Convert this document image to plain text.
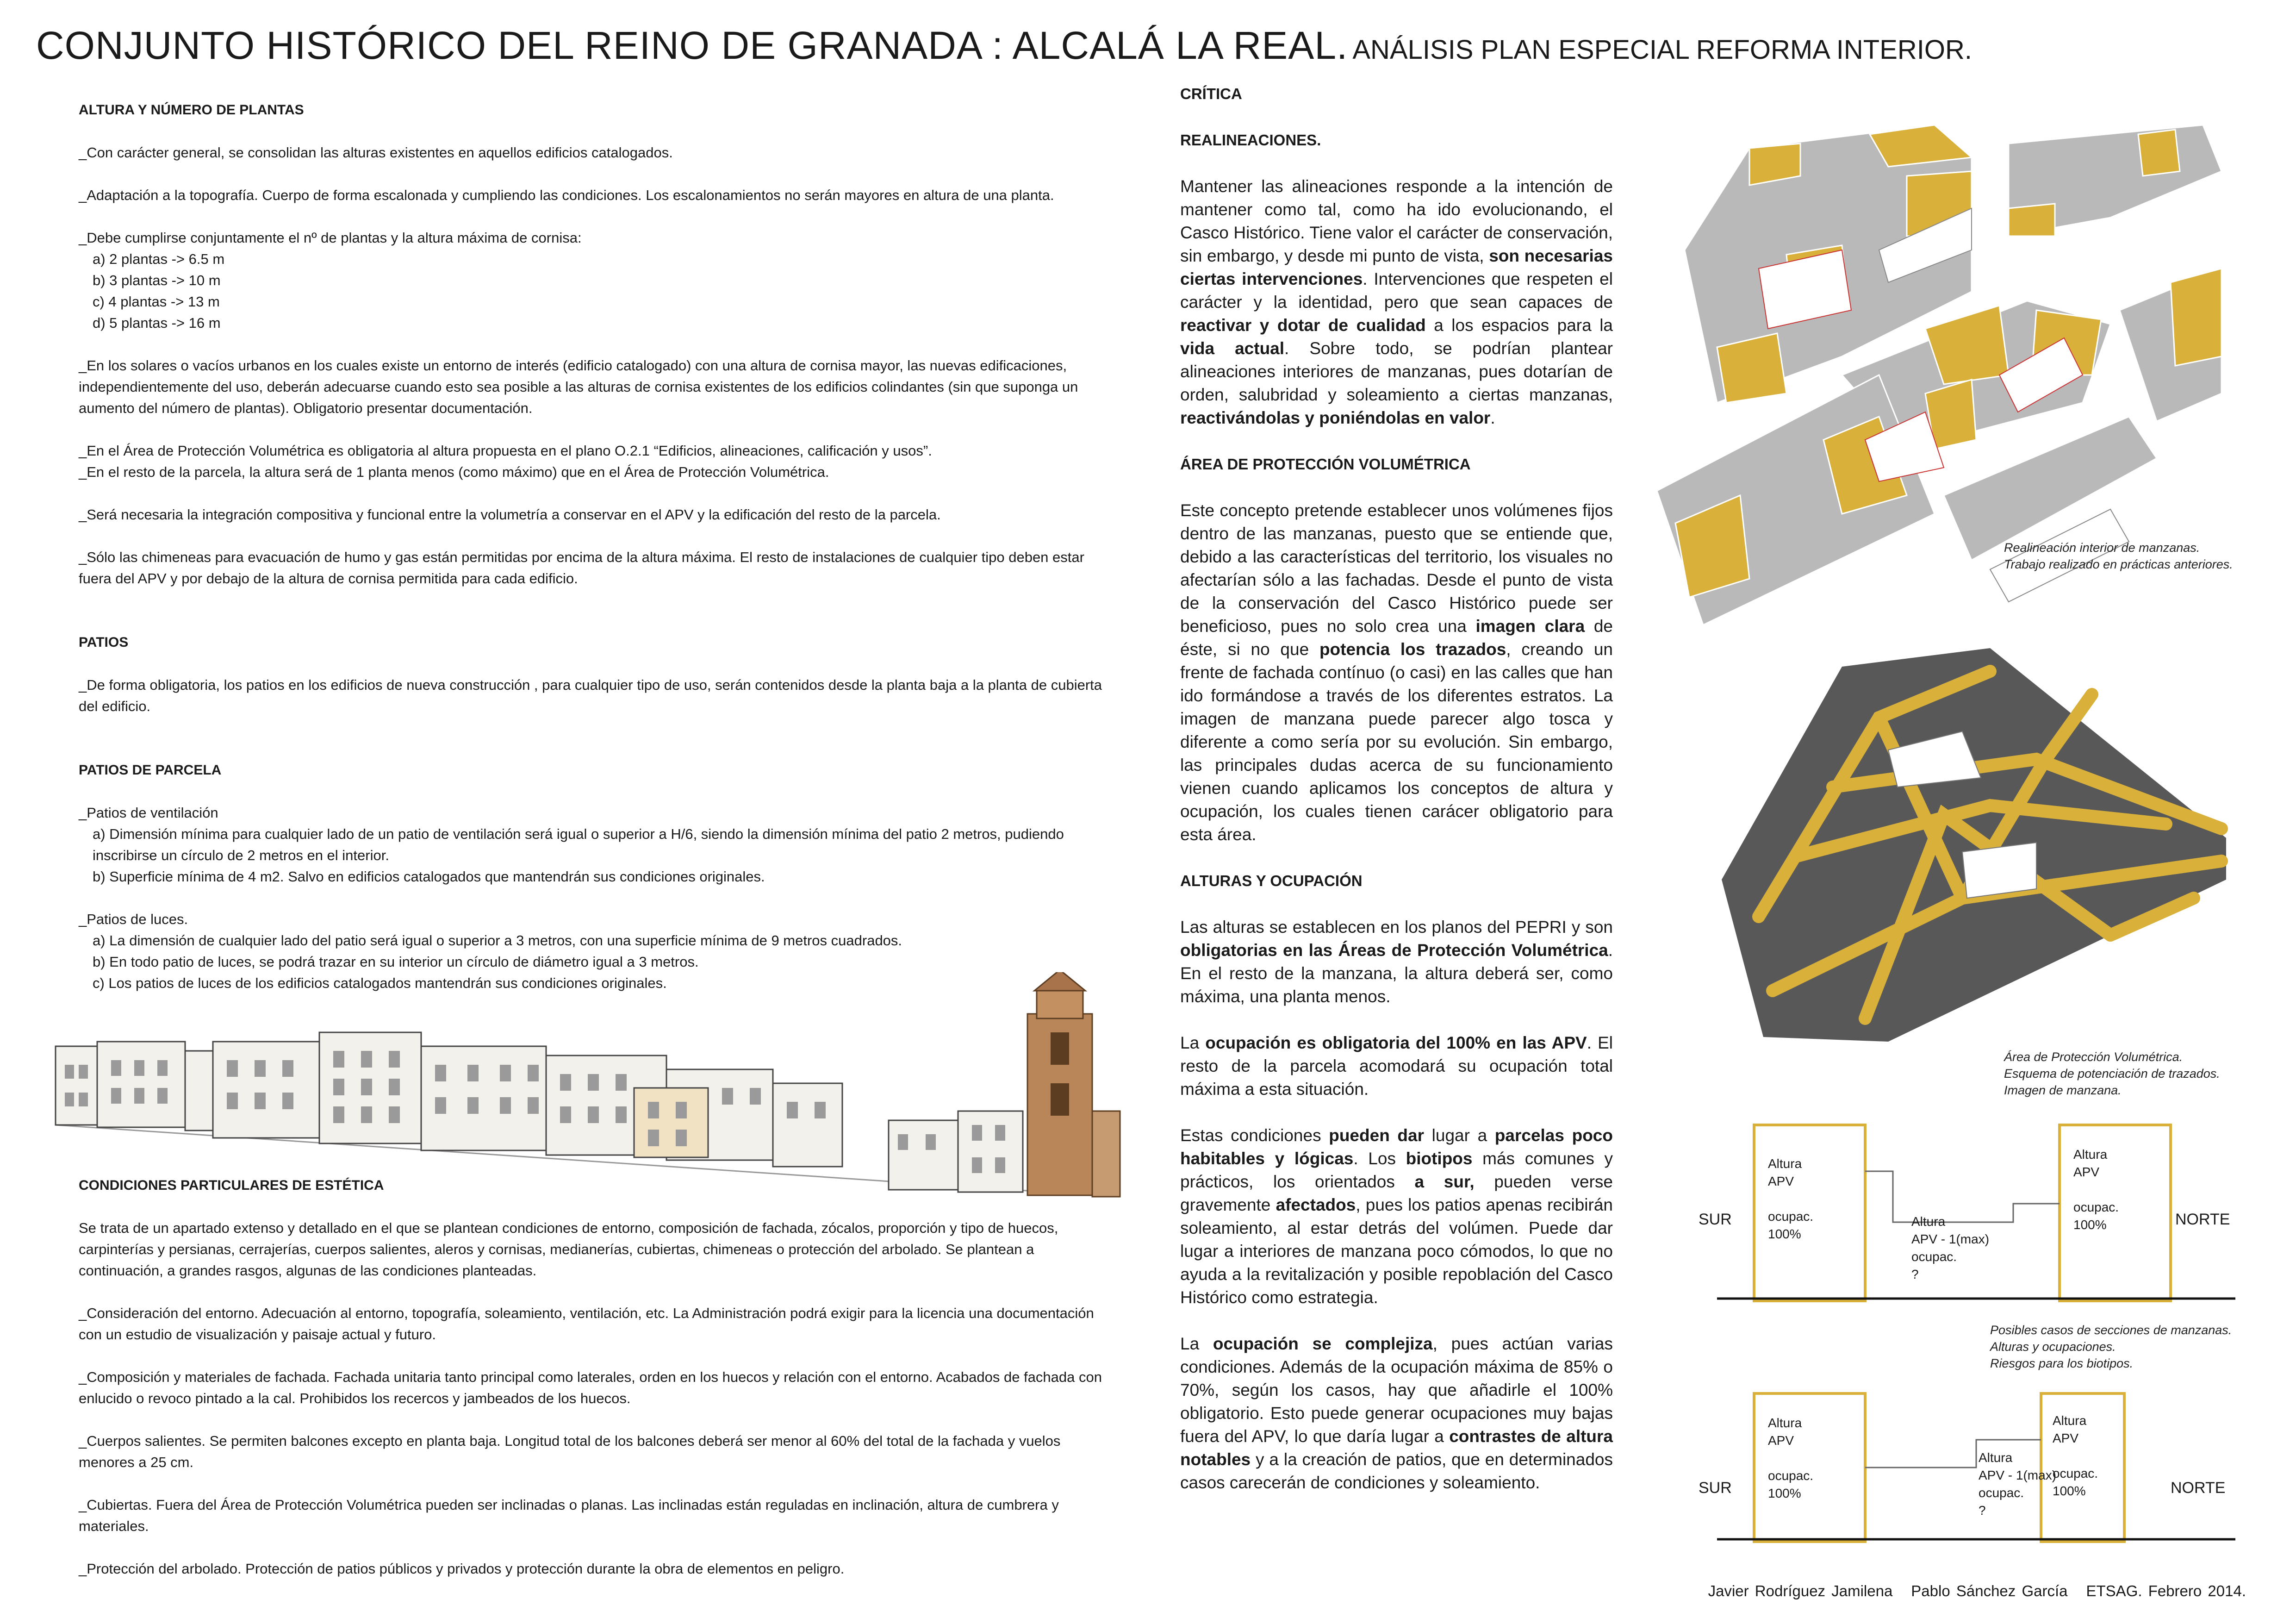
CONJUNTO HISTÓRICO DEL REINO DE GRANADA : ALCALÁ LA REAL. ANÁLISIS PLAN ESPECIAL REFORMA INTERIOR.

ALTURA Y NÚMERO DE PLANTAS

_Con carácter general, se consolidan las alturas existentes en aquellos edificios catalogados.

_Adaptación a la topografía. Cuerpo de forma escalonada y cumpliendo las condiciones. Los escalonamientos no serán mayores en altura de una planta.

_Debe cumplirse conjuntamente el nº de plantas y la altura máxima de cornisa:

a) 2 plantas -> 6.5 m

b) 3 plantas -> 10 m

c) 4 plantas -> 13 m

d) 5 plantas -> 16 m

_En los solares o vacíos urbanos en los cuales existe un entorno de interés (edificio catalogado) con una altura de cornisa mayor, las nuevas edificaciones, independientemente del uso, deberán adecuarse cuando esto sea posible a las alturas de cornisa existentes de los edificios colindantes (sin que suponga un aumento del número de plantas). Obligatorio presentar documentación.

_En el Área de Protección Volumétrica es obligatoria al altura propuesta en el plano O.2.1 “Edificios, alineaciones, calificación y usos”.

_En el resto de la parcela, la altura será de 1 planta menos (como máximo) que en el Área de Protección Volumétrica.

_Será necesaria la integración compositiva y funcional entre la volumetría a conservar en el APV y la edificación del resto de la parcela.

_Sólo las chimeneas para evacuación de humo y gas están permitidas por encima de la altura máxima. El resto de instalaciones de cualquier tipo deben estar fuera del APV y por debajo de la altura de cornisa permitida para cada edificio.

PATIOS

_De forma obligatoria, los patios en los edificios de nueva construcción , para cualquier tipo de uso, serán contenidos desde la planta baja a la planta de cubierta del edificio.

PATIOS DE PARCELA

_Patios de ventilación

a) Dimensión mínima para cualquier lado de un patio de ventilación será igual o superior a H/6, siendo la dimensión mínima del patio 2 metros, pudiendo inscribirse un círculo de 2 metros en el interior.

b) Superficie mínima de 4 m2. Salvo en edificios catalogados que mantendrán sus condiciones originales.

_Patios de luces.

a) La dimensión de cualquier lado del patio será igual o superior a 3 metros, con una superficie mínima de 9 metros cuadrados.

b) En todo patio de luces, se podrá trazar en su interior un círculo de diámetro igual a 3 metros.

c) Los patios de luces de los edificios catalogados mantendrán sus condiciones originales.

CONDICIONES PARTICULARES DE ESTÉTICA

Se trata de un apartado extenso y detallado en el que se plantean condiciones de entorno, composición de fachada, zócalos, proporción y tipo de huecos, carpinterías y persianas, cerrajerías, cuerpos salientes, aleros y cornisas, medianerías, cubiertas, chimeneas o protección del arbolado. Se plantean a continuación, a grandes rasgos, algunas de las condiciones planteadas.

_Consideración del entorno. Adecuación al entorno, topografía, soleamiento, ventilación, etc. La Administración podrá exigir para la licencia una documentación con un estudio de visualización y paisaje actual y futuro.

_Composición y materiales de fachada. Fachada unitaria tanto principal como laterales, orden en los huecos y relación con el entorno. Acabados de fachada con enlucido o revoco pintado a la cal. Prohibidos los recercos y jambeados de los huecos.

_Cuerpos salientes. Se permiten balcones excepto en planta baja. Longitud total de los balcones deberá ser menor al 60% del total de la fachada y vuelos menores a 25 cm.

_Cubiertas. Fuera del Área de Protección Volumétrica pueden ser inclinadas o planas. Las inclinadas están reguladas en inclinación, altura de cumbrera y materiales.

_Protección del arbolado. Protección de patios públicos y privados y protección durante la obra de elementos en peligro.

CRÍTICA

REALINEACIONES.

Mantener las alineaciones responde a la intención de mantener como tal, como ha ido evolucionando, el Casco Histórico. Tiene valor el carácter de conservación, sin embargo, y desde mi punto de vista, son necesarias ciertas intervenciones. Intervenciones que respeten el carácter y la identidad, pero que sean capaces de reactivar y dotar de cualidad a los espacios para la vida actual. Sobre todo, se podrían plantear alineaciones interiores de manzanas, pues dotarían de orden, salubridad y soleamiento a ciertas manzanas, reactivándolas y poniéndolas en valor.

ÁREA DE PROTECCIÓN VOLUMÉTRICA

Este concepto pretende establecer unos volúmenes fijos dentro de las manzanas, puesto que se entiende que, debido a las características del territorio, los visuales no afectarían sólo a las fachadas. Desde el punto de vista de la conservación del Casco Histórico puede ser beneficioso, pues no solo crea una imagen clara de éste, si no que potencia los trazados, creando un frente de fachada contínuo (o casi) en las calles que han ido formándose a través de los diferentes estratos. La imagen de manzana puede parecer algo tosca y diferente a como sería por su evolución. Sin embargo, las principales dudas acerca de su funcionamiento vienen cuando aplicamos los conceptos de altura y ocupación, los cuales tienen carácer obligatorio para esta área.

ALTURAS Y OCUPACIÓN

Las alturas se establecen en los planos del PEPRI y son obligatorias en las Áreas de Protección Volumétrica. En el resto de la manzana, la altura deberá ser, como máxima, una planta menos.

La ocupación es obligatoria del 100% en las APV. El resto de la parcela acomodará su ocupación total máxima a esta situación.

Estas condiciones pueden dar lugar a parcelas poco habitables y lógicas. Los biotipos más comunes y prácticos, los orientados a sur, pueden verse gravemente afectados, pues los patios apenas recibirán soleamiento, al estar detrás del volúmen. Puede dar lugar a interiores de manzana poco cómodos, lo que no ayuda a la revitalización y posible repoblación del Casco Histórico como estrategia.

La ocupación se complejiza, pues actúan varias condiciones. Además de la ocupación máxima de 85% o 70%, según los casos, hay que añadirle el 100% obligatorio. Esto puede generar ocupaciones muy bajas fuera del APV, lo que daría lugar a contrastes de altura notables y a la creación de patios, que en determinados casos carecerán de condiciones y soleamiento.

Realineación interior de manzanas.
Trabajo realizado en prácticas anteriores.
Área de Protección Volumétrica.
Esquema de potenciación de trazados.
Imagen de manzana.
SUR	NORTE
Altura
APV
ocupac.
100%
Altura
APV - 1(max)
ocupac.
?
Altura
APV
ocupac.
100%
Posibles casos de secciones de manzanas.
Alturas y ocupaciones.
Riesgos para los biotipos.
SUR	NORTE
Altura
APV
ocupac.
100%
Altura
APV - 1(max)
ocupac.
?
Altura
APV
ocupac.
100%
Javier Rodríguez Jamilena Pablo Sánchez García ETSAG. Febrero 2014.
